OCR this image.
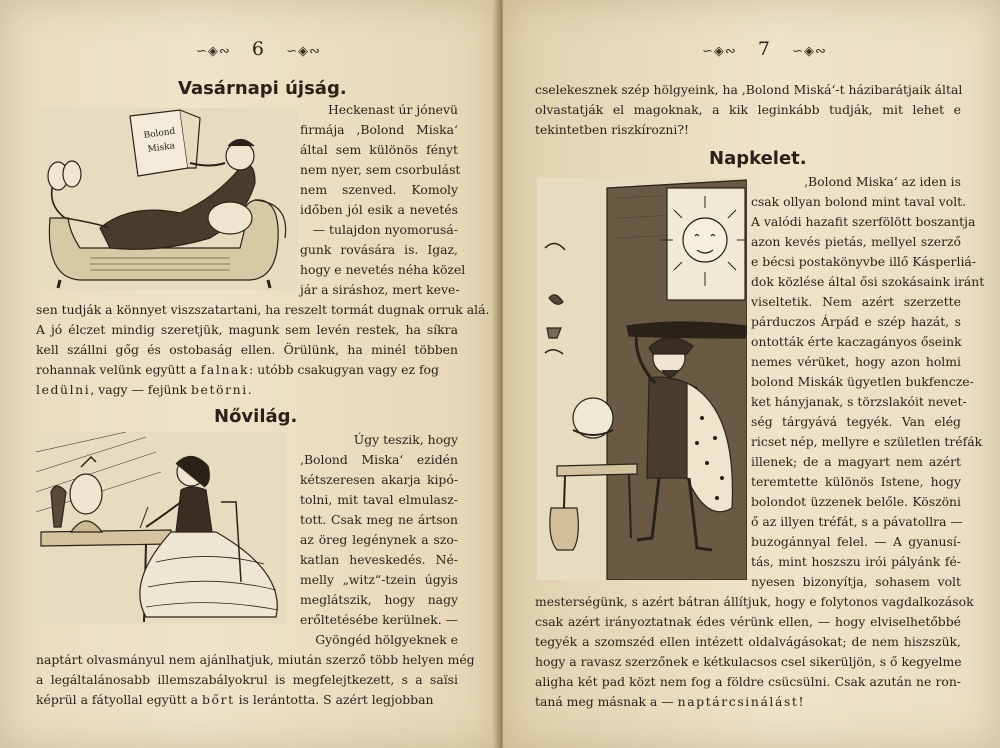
∽◈∾ 6 ∽◈∾
Vasárnapi újság.
Bolond
Miska
Heckenast úr jónevü
firmája ‚Bolond Miska‘
által sem különös fényt
nem nyer, sem csorbulást
nem szenved. Komoly
időben jól esik a nevetés
— tulajdon nyomorusá-
gunk rovására is. Igaz,
hogy e nevetés néha közel
jár a siráshoz, mert keve-
sen tudják a könnyet viszszatartani, ha reszelt tormát dugnak orruk alá.
A jó élczet mindig szeretjük, magunk sem levén restek, ha síkra
kell szállni gőg és ostobaság ellen. Örülünk, ha minél többen
rohannak velünk együtt a falnak: utóbb csakugyan vagy ez fog
ledülni, vagy — fejünk betörni.
Nővilág.
Úgy teszik, hogy
‚Bolond Miska‘ ezidén
kétszeresen akarja kipó-
tolni, mit taval elmulasz-
tott. Csak meg ne ártson
az öreg legénynek a szo-
katlan heveskedés. Né-
melly „witz“-tzein úgyis
meglátszik, hogy nagy
erőltetésébe kerülnek. —
Gyöngéd hölgyeknek e
naptárt olvasmányul nem ajánlhatjuk, miután szerző több helyen még
a legáltalánosabb illemszabályokrul is megfelejtkezett, s a saïsi
képrül a fátyollal együtt a bőrt is lerántotta. S azért legjobban
∽◈∾ 7 ∽◈∾
cselekesznek szép hölgyeink, ha ‚Bolond Miská‘-t házibarátjaik által
olvastatják el magoknak, a kik leginkább tudják, mit lehet e
tekintetben riszkírozni?!
Napkelet.
‚Bolond Miska‘ az iden is
csak ollyan bolond mint taval volt.
A valódi hazafit szerfölött boszantja
azon kevés pietás, mellyel szerző
e bécsi postakönyvbe illő Kásperliá-
dok közlése által ősi szokásaink iránt
viseltetik. Nem azért szerzette
párduczos Árpád e szép hazát, s
ontották érte kaczagányos őseink
nemes vérüket, hogy azon holmi
bolond Miskák ügyetlen bukfencze-
ket hányjanak, s törzslakóit nevet-
ség tárgyává tegyék. Van elég
ricset nép, mellyre e születlen tréfák
illenek; de a magyart nem azért
teremtette különös Istene, hogy
bolondot üzzenek belőle. Köszöni
ő az illyen tréfát, s a pávatollra —
buzogánnyal felel. — A gyanusí-
tás, mint hoszszu irói pályánk fé-
nyesen bizonyítja, sohasem volt
mesterségünk, s azért bátran állítjuk, hogy e folytonos vagdalkozások
csak azért irányoztatnak édes vérünk ellen, — hogy elviselhetőbbé
tegyék a szomszéd ellen intézett oldalvágásokat; de nem hiszszük,
hogy a ravasz szerzőnek e kétkulacsos csel sikerüljön, s ő kegyelme
aligha két pad közt nem fog a földre csücsülni. Csak azután ne ron-
taná meg másnak a — naptárcsinálást!
